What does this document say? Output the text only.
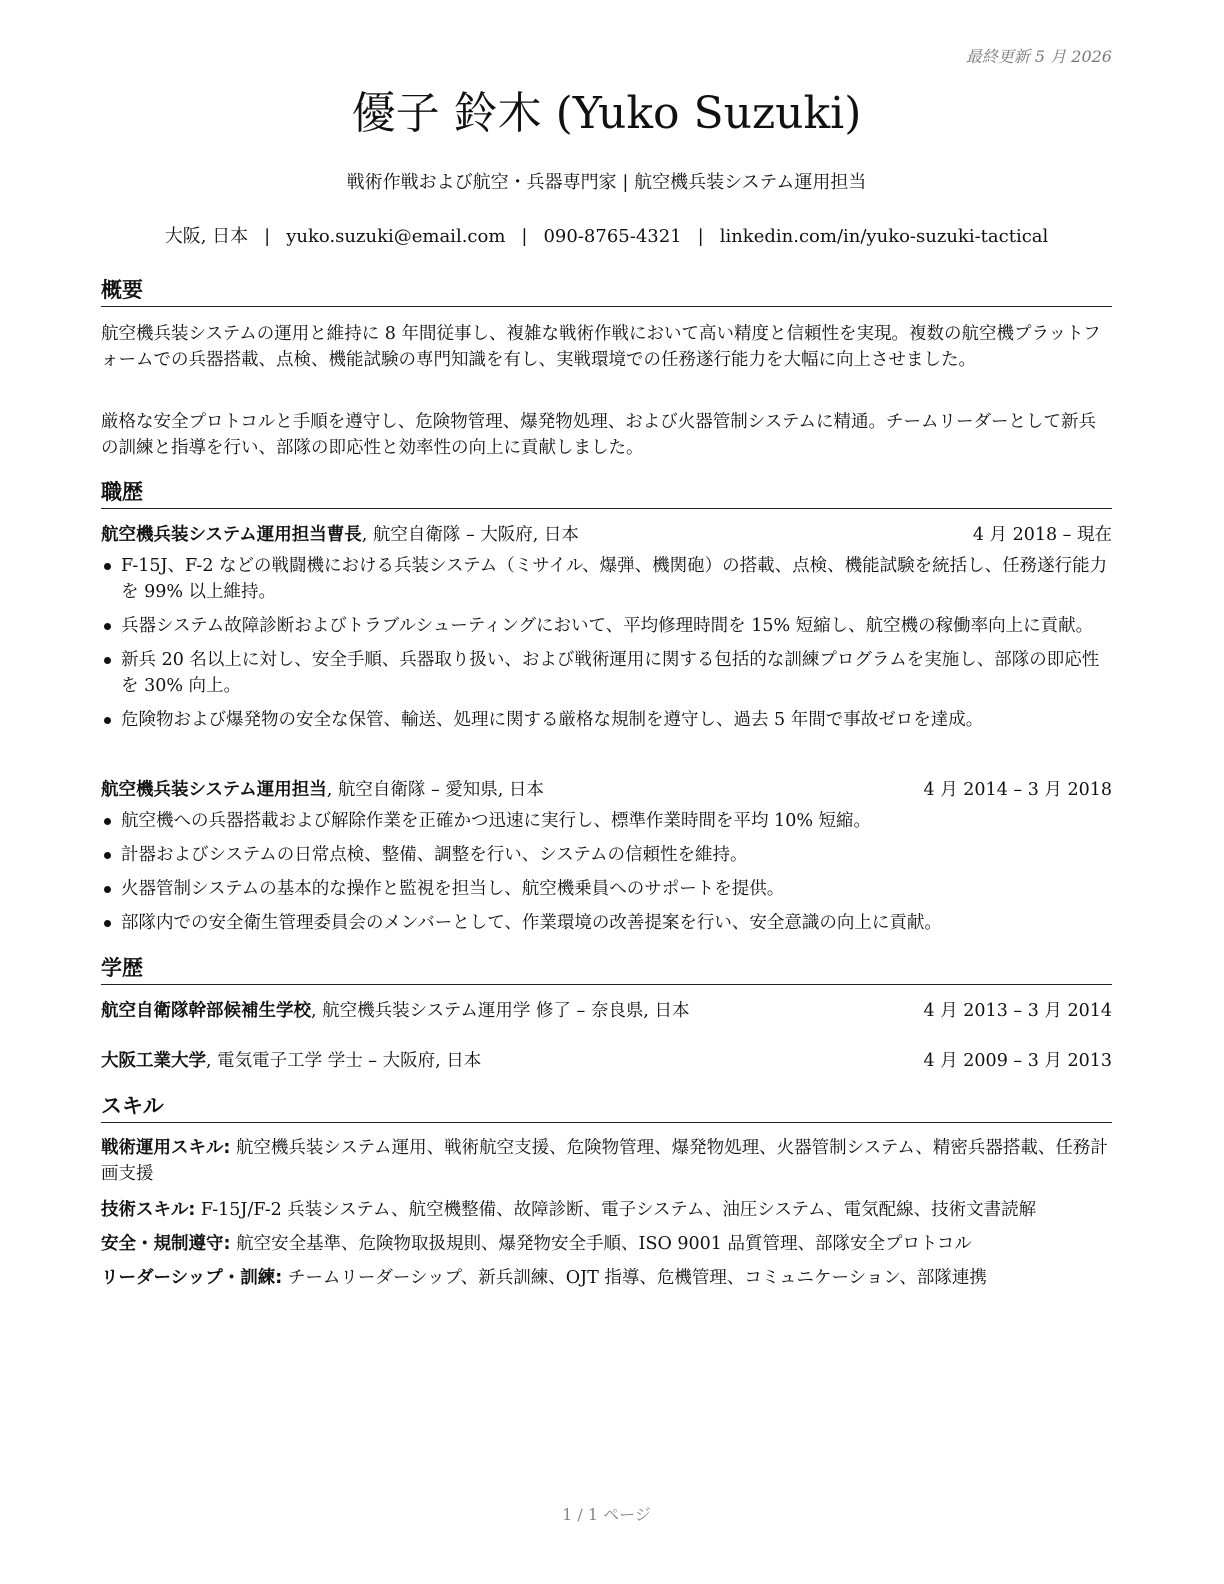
最終更新 5 月 2026
優子 鈴木 (Yuko Suzuki)
戦術作戦および航空・兵器専門家 | 航空機兵装システム運用担当
大阪, 日本 | yuko.suzuki@email.com | 090-8765-4321 | linkedin.com/in/yuko-suzuki-tactical
概要
航空機兵装システムの運用と維持に 8 年間従事し、複雑な戦術作戦において高い精度と信頼性を実現。複数の航空機プラットフォームでの兵器搭載、点検、機能試験の専門知識を有し、実戦環境での任務遂行能力を大幅に向上させました。
厳格な安全プロトコルと手順を遵守し、危険物管理、爆発物処理、および火器管制システムに精通。チームリーダーとして新兵の訓練と指導を行い、部隊の即応性と効率性の向上に貢献しました。
職歴
航空機兵装システム運用担当曹長, 航空自衛隊 – 大阪府, 日本	4 月 2018 – 現在
F-15J、F-2 などの戦闘機における兵装システム（ミサイル、爆弾、機関砲）の搭載、点検、機能試験を統括し、任務遂行能力を 99% 以上維持。
兵器システム故障診断およびトラブルシューティングにおいて、平均修理時間を 15% 短縮し、航空機の稼働率向上に貢献。
新兵 20 名以上に対し、安全手順、兵器取り扱い、および戦術運用に関する包括的な訓練プログラムを実施し、部隊の即応性を 30% 向上。
危険物および爆発物の安全な保管、輸送、処理に関する厳格な規制を遵守し、過去 5 年間で事故ゼロを達成。
航空機兵装システム運用担当, 航空自衛隊 – 愛知県, 日本	4 月 2014 – 3 月 2018
航空機への兵器搭載および解除作業を正確かつ迅速に実行し、標準作業時間を平均 10% 短縮。
計器およびシステムの日常点検、整備、調整を行い、システムの信頼性を維持。
火器管制システムの基本的な操作と監視を担当し、航空機乗員へのサポートを提供。
部隊内での安全衛生管理委員会のメンバーとして、作業環境の改善提案を行い、安全意識の向上に貢献。
学歴
航空自衛隊幹部候補生学校, 航空機兵装システム運用学 修了 – 奈良県, 日本	4 月 2013 – 3 月 2014
大阪工業大学, 電気電子工学 学士 – 大阪府, 日本	4 月 2009 – 3 月 2013
スキル
戦術運用スキル: 航空機兵装システム運用、戦術航空支援、危険物管理、爆発物処理、火器管制システム、精密兵器搭載、任務計画支援
技術スキル: F-15J/F-2 兵装システム、航空機整備、故障診断、電子システム、油圧システム、電気配線、技術文書読解
安全・規制遵守: 航空安全基準、危険物取扱規則、爆発物安全手順、ISO 9001 品質管理、部隊安全プロトコル
リーダーシップ・訓練: チームリーダーシップ、新兵訓練、OJT 指導、危機管理、コミュニケーション、部隊連携
1 / 1 ページ
